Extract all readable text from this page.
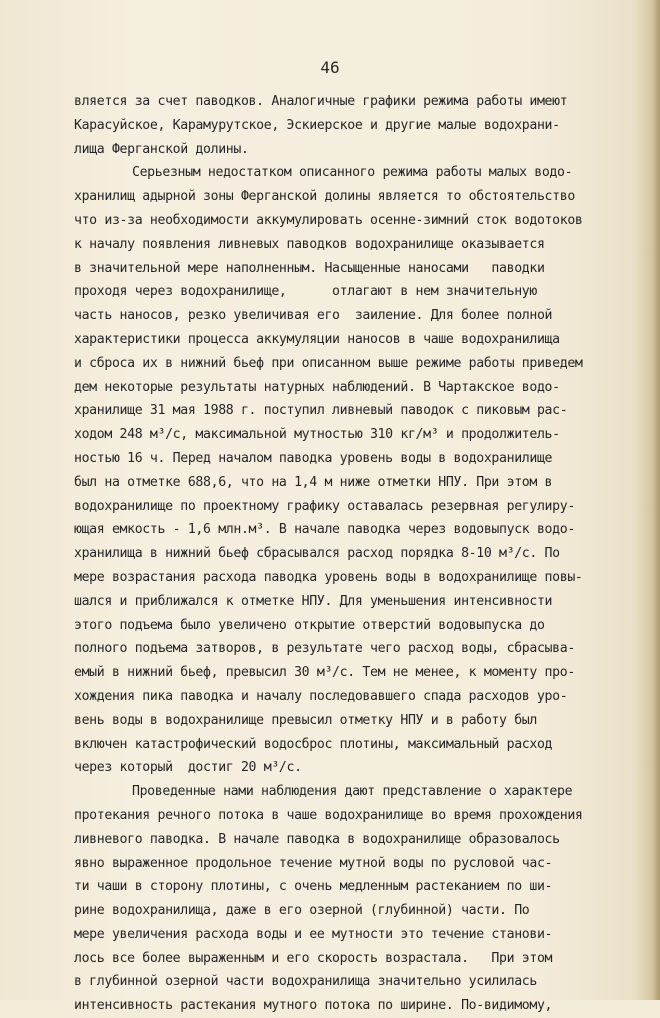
46
вляется за счет паводков. Аналогичные графики режима работы имеют
Карасуйское, Карамурутское, Эскиерское и другие малые водохрани-
лища Ферганской долины.
Серьезным недостатком описанного режима работы малых водо-
хранилищ адырной зоны Ферганской долины является то обстоятельство
что из-за необходимости аккумулировать осенне-зимний сток водотоков
к началу появления ливневых паводков водохранилище оказывается
в значительной мере наполненным. Насыщенные наносами   паводки
проходя через водохранилище,      отлагают в нем значительную
часть наносов, резко увеличивая его  заиление. Для более полной
характеристики процесса аккумуляции наносов в чаше водохранилища
и сброса их в нижний бьеф при описанном выше режиме работы приведем
дем некоторые результаты натурных наблюдений. В Чартакское водо-
хранилище 31 мая 1988 г. поступил ливневый паводок с пиковым рас-
ходом 248 м³/с, максимальной мутностью 310 кг/м³ и продолжитель-
ностью 16 ч. Перед началом паводка уровень воды в водохранилище
был на отметке 688,6, что на 1,4 м ниже отметки НПУ. При этом в
водохранилище по проектному графику оставалась резервная регулиру-
ющая емкость - 1,6 млн.м³. В начале паводка через водовыпуск водо-
хранилища в нижний бьеф сбрасывался расход порядка 8-10 м³/с. По
мере возрастания расхода паводка уровень воды в водохранилище повы-
шался и приближался к отметке НПУ. Для уменьшения интенсивности
этого подъема было увеличено открытие отверстий водовыпуска до
полного подъема затворов, в результате чего расход воды, сбрасыва-
емый в нижний бьеф, превысил 30 м³/с. Тем не менее, к моменту про-
хождения пика паводка и началу последовавшего спада расходов уро-
вень воды в водохранилище превысил отметку НПУ и в работу был
включен катастрофический водосброс плотины, максимальный расход
через который  достиг 20 м³/с.
Проведенные нами наблюдения дают представление о характере
протекания речного потока в чаше водохранилище во время прохождения
ливневого паводка. В начале паводка в водохранилище образовалось
явно выраженное продольное течение мутной воды по русловой час-
ти чаши в сторону плотины, с очень медленным растеканием по ши-
рине водохранилища, даже в его озерной (глубинной) части. По
мере увеличения расхода воды и ее мутности это течение станови-
лось все более выраженным и его скорость возрастала.   При этом
в глубинной озерной части водохранилища значительно усилилась
интенсивность растекания мутного потока по ширине. По-видимому,
